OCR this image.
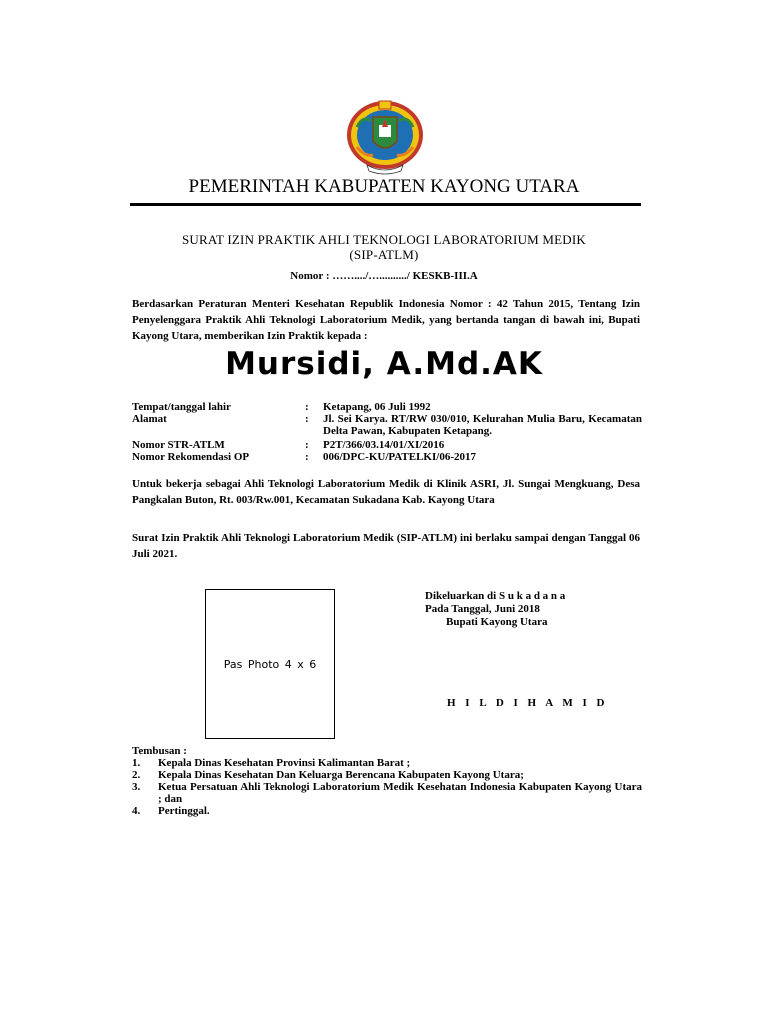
PEMERINTAH KABUPATEN KAYONG UTARA
SURAT IZIN PRAKTIK AHLI TEKNOLOGI LABORATORIUM MEDIK
(SIP-ATLM)
Nomor : ……..../…........../ KESKB-III.A
Berdasarkan Peraturan Menteri Kesehatan Republik Indonesia Nomor : 42 Tahun 2015, Tentang Izin Penyelenggara Praktik Ahli Teknologi Laboratorium Medik, yang bertanda tangan di bawah ini, Bupati Kayong Utara, memberikan Izin Praktik kepada :
Mursidi, A.Md.AK
Tempat/tanggal lahir	:	Ketapang, 06 Juli 1992
Alamat	:	Jl. Sei Karya. RT/RW 030/010, Kelurahan Mulia Baru, Kecamatan Delta Pawan, Kabupaten Ketapang.
Nomor STR-ATLM	:	P2T/366/03.14/01/XI/2016
Nomor Rekomendasi OP	:	006/DPC-KU/PATELKI/06-2017
Untuk bekerja sebagai Ahli Teknologi Laboratorium Medik di Klinik ASRI, Jl. Sungai Mengkuang, Desa Pangkalan Buton, Rt. 003/Rw.001, Kecamatan Sukadana Kab. Kayong Utara
Surat Izin Praktik Ahli Teknologi Laboratorium Medik (SIP-ATLM) ini berlaku sampai dengan Tanggal 06 Juli 2021.
Pas Photo 4 x 6
Dikeluarkan di S u k a d a n a
Pada Tanggal, Juni 2018
Bupati Kayong Utara
H I L D I H A M I D
Tembusan :
1.	Kepala Dinas Kesehatan Provinsi Kalimantan Barat ;
2.	Kepala Dinas Kesehatan Dan Keluarga Berencana Kabupaten Kayong Utara;
3.	Ketua Persatuan Ahli Teknologi Laboratorium Medik Kesehatan Indonesia Kabupaten Kayong Utara ; dan
4.	Pertinggal.
